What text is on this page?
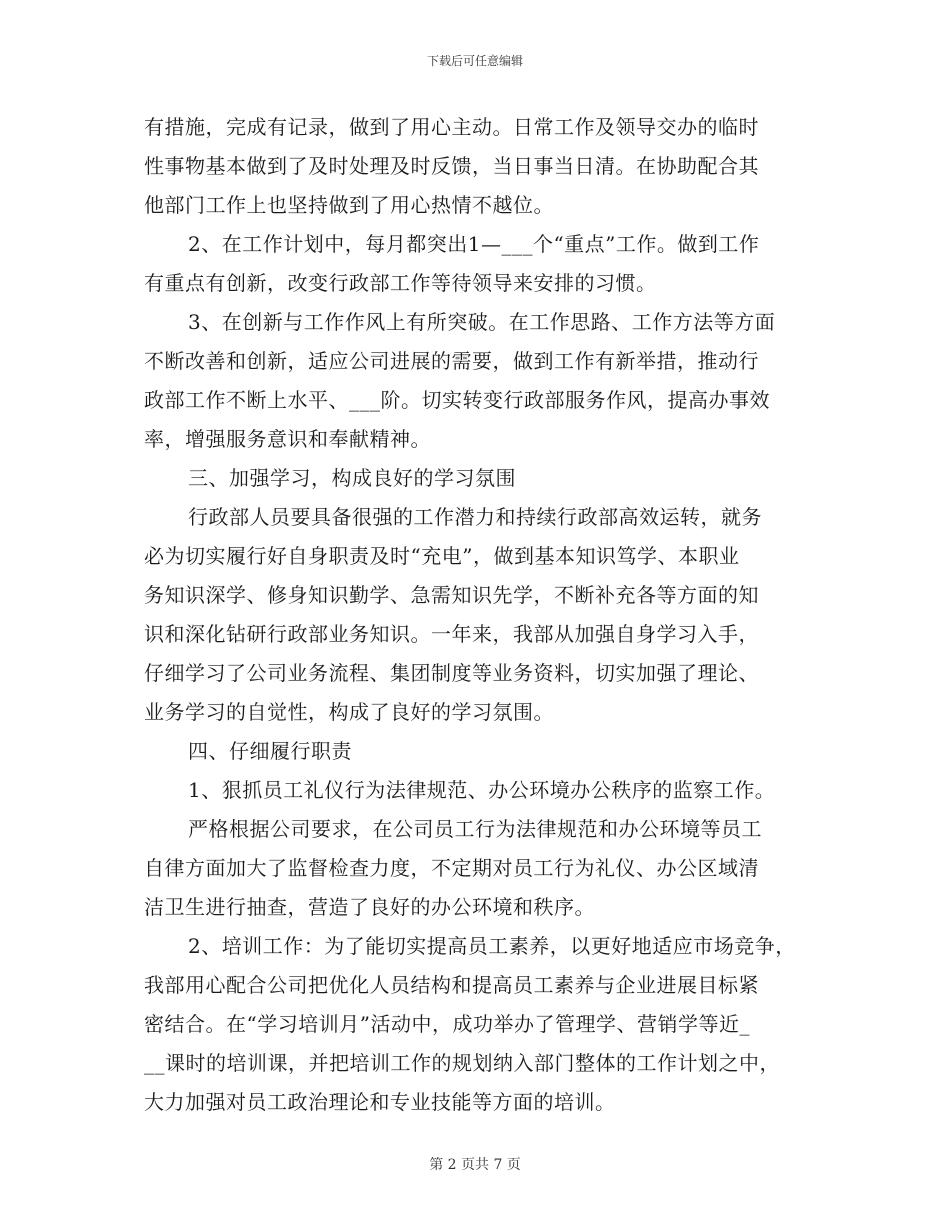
下载后可任意编辑
有措施，完成有记录，做到了用心主动。日常工作及领导交办的临时
性事物基本做到了及时处理及时反馈，当日事当日清。在协助配合其
他部门工作上也坚持做到了用心热情不越位。
2、在工作计划中，每月都突出1—___个“重点”工作。做到工作
有重点有创新，改变行政部工作等待领导来安排的习惯。
3、在创新与工作作风上有所突破。在工作思路、工作方法等方面
不断改善和创新，适应公司进展的需要，做到工作有新举措，推动行
政部工作不断上水平、___阶。切实转变行政部服务作风，提高办事效
率，增强服务意识和奉献精神。
三、加强学习，构成良好的学习氛围
行政部人员要具备很强的工作潜力和持续行政部高效运转，就务
必为切实履行好自身职责及时“充电”，做到基本知识笃学、本职业
务知识深学、修身知识勤学、急需知识先学，不断补充各等方面的知
识和深化钻研行政部业务知识。一年来，我部从加强自身学习入手，
仔细学习了公司业务流程、集团制度等业务资料，切实加强了理论、
业务学习的自觉性，构成了良好的学习氛围。
四、仔细履行职责
1、狠抓员工礼仪行为法律规范、办公环境办公秩序的监察工作。
严格根据公司要求，在公司员工行为法律规范和办公环境等员工
自律方面加大了监督检查力度，不定期对员工行为礼仪、办公区域清
洁卫生进行抽查，营造了良好的办公环境和秩序。
2、培训工作：为了能切实提高员工素养，以更好地适应市场竞争，
我部用心配合公司把优化人员结构和提高员工素养与企业进展目标紧
密结合。在“学习培训月”活动中，成功举办了管理学、营销学等近_
__课时的培训课，并把培训工作的规划纳入部门整体的工作计划之中，
大力加强对员工政治理论和专业技能等方面的培训。
第 2 页共 7 页
